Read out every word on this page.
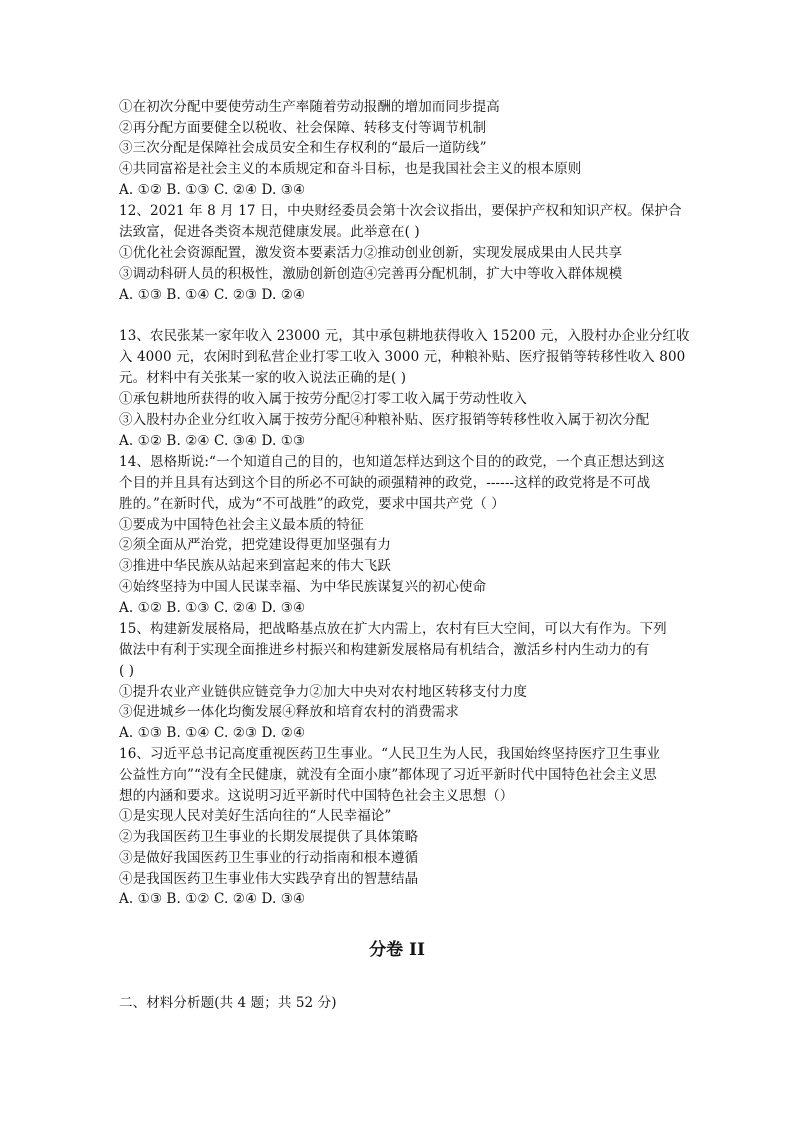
①在初次分配中要使劳动生产率随着劳动报酬的增加而同步提高
②再分配方面要健全以税收、社会保障、转移支付等调节机制
③三次分配是保障社会成员安全和生存权利的“最后一道防线”
④共同富裕是社会主义的本质规定和奋斗目标，也是我国社会主义的根本原则
A. ①② B. ①③ C. ②④ D. ③④
12、2021 年 8 月 17 日，中央财经委员会第十次会议指出，要保护产权和知识产权。保护合
法致富，促进各类资本规范健康发展。此举意在( )
①优化社会资源配置，激发资本要素活力②推动创业创新，实现发展成果由人民共享
③调动科研人员的积极性，激励创新创造④完善再分配机制，扩大中等收入群体规模
A. ①③ B. ①④ C. ②③ D. ②④
13、农民张某一家年收入 23000 元，其中承包耕地获得收入 15200 元，入股村办企业分红收
入 4000 元，农闲时到私营企业打零工收入 3000 元，种粮补贴、医疗报销等转移性收入 800
元。材料中有关张某一家的收入说法正确的是( )
①承包耕地所获得的收入属于按劳分配②打零工收入属于劳动性收入
③入股村办企业分红收入属于按劳分配④种粮补贴、医疗报销等转移性收入属于初次分配
A. ①② B. ②④ C. ③④ D. ①③
14、恩格斯说:“一个知道自己的目的，也知道怎样达到这个目的的政党，一个真正想达到这
个目的并且具有达到这个目的所必不可缺的顽强精神的政党，------这样的政党将是不可战
胜的。”在新时代，成为“不可战胜”的政党，要求中国共产党（ ）
①要成为中国特色社会主义最本质的特征
②须全面从严治党，把党建设得更加坚强有力
③推进中华民族从站起来到富起来的伟大飞跃
④始终坚持为中国人民谋幸福、为中华民族谋复兴的初心使命
A. ①② B. ①③ C. ②④ D. ③④
15、构建新发展格局，把战略基点放在扩大内需上，农村有巨大空间，可以大有作为。下列
做法中有利于实现全面推进乡村振兴和构建新发展格局有机结合，激活乡村内生动力的有
( )
①提升农业产业链供应链竞争力②加大中央对农村地区转移支付力度
③促进城乡一体化均衡发展④释放和培育农村的消费需求
A. ①③ B. ①④ C. ②③ D. ②④
16、习近平总书记高度重视医药卫生事业。“人民卫生为人民，我国始终坚持医疗卫生事业
公益性方向”“没有全民健康，就没有全面小康”都体现了习近平新时代中国特色社会主义思
想的内涵和要求。这说明习近平新时代中国特色社会主义思想（）
①是实现人民对美好生活向往的“人民幸福论”
②为我国医药卫生事业的长期发展提供了具体策略
③是做好我国医药卫生事业的行动指南和根本遵循
④是我国医药卫生事业伟大实践孕育出的智慧结晶
A. ①③ B. ①② C. ②④ D. ③④
分卷 II
二、材料分析题(共 4 题；共 52 分)
